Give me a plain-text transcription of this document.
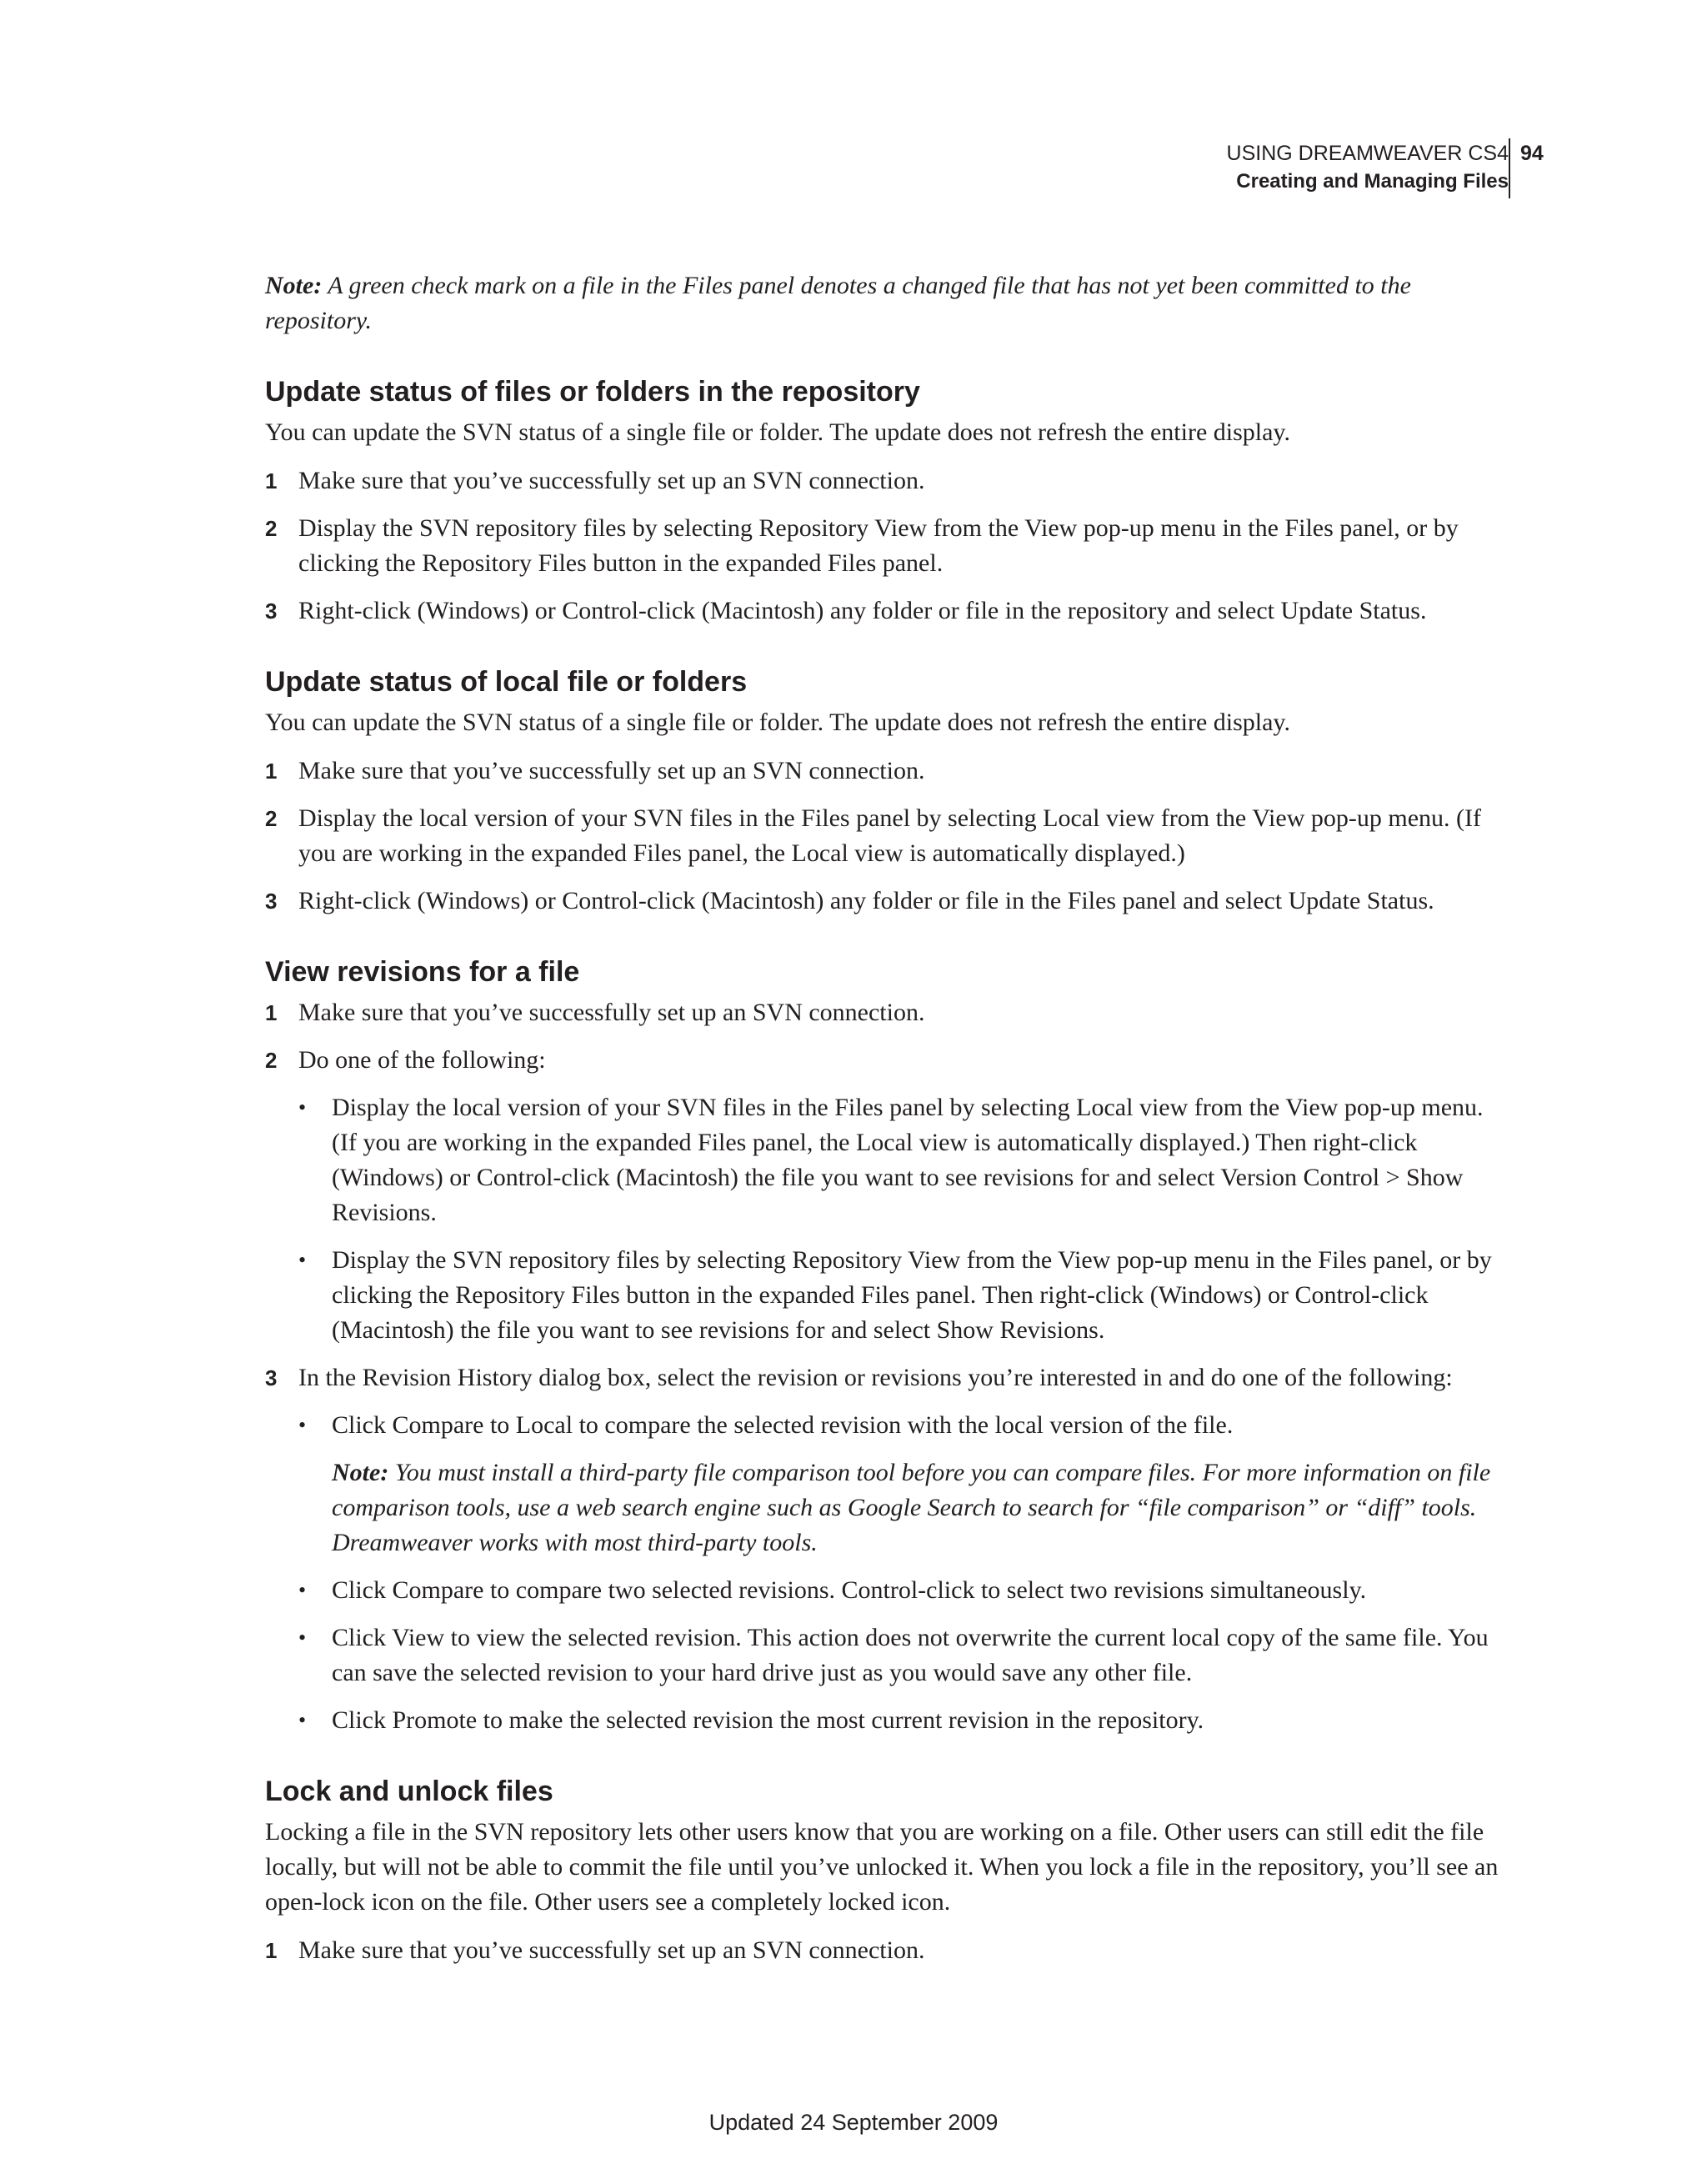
USING DREAMWEAVER CS4
Creating and Managing Files
94

Note: A green check mark on a file in the Files panel denotes a changed file that has not yet been committed to the repository.

Update status of files or folders in the repository

You can update the SVN status of a single file or folder. The update does not refresh the entire display.

1 Make sure that you’ve successfully set up an SVN connection.
2 Display the SVN repository files by selecting Repository View from the View pop-up menu in the Files panel, or by clicking the Repository Files button in the expanded Files panel.
3 Right-click (Windows) or Control-click (Macintosh) any folder or file in the repository and select Update Status.
Update status of local file or folders

You can update the SVN status of a single file or folder. The update does not refresh the entire display.

1 Make sure that you’ve successfully set up an SVN connection.
2 Display the local version of your SVN files in the Files panel by selecting Local view from the View pop-up menu. (If you are working in the expanded Files panel, the Local view is automatically displayed.)
3 Right-click (Windows) or Control-click (Macintosh) any folder or file in the Files panel and select Update Status.
View revisions for a file
1 Make sure that you’ve successfully set up an SVN connection.
2 Do one of the following:
• Display the local version of your SVN files in the Files panel by selecting Local view from the View pop-up menu. (If you are working in the expanded Files panel, the Local view is automatically displayed.) Then right-click (Windows) or Control-click (Macintosh) the file you want to see revisions for and select Version Control > Show Revisions.
• Display the SVN repository files by selecting Repository View from the View pop-up menu in the Files panel, or by clicking the Repository Files button in the expanded Files panel. Then right-click (Windows) or Control-click (Macintosh) the file you want to see revisions for and select Show Revisions.
3 In the Revision History dialog box, select the revision or revisions you’re interested in and do one of the following:
• Click Compare to Local to compare the selected revision with the local version of the file.

Note: You must install a third-party file comparison tool before you can compare files. For more information on file comparison tools, use a web search engine such as Google Search to search for “file comparison” or “diff” tools. Dreamweaver works with most third-party tools.

• Click Compare to compare two selected revisions. Control-click to select two revisions simultaneously.
• Click View to view the selected revision. This action does not overwrite the current local copy of the same file. You can save the selected revision to your hard drive just as you would save any other file.
• Click Promote to make the selected revision the most current revision in the repository.
Lock and unlock files

Locking a file in the SVN repository lets other users know that you are working on a file. Other users can still edit the file locally, but will not be able to commit the file until you’ve unlocked it. When you lock a file in the repository, you’ll see an open-lock icon on the file. Other users see a completely locked icon.

1 Make sure that you’ve successfully set up an SVN connection.
Updated 24 September 2009
